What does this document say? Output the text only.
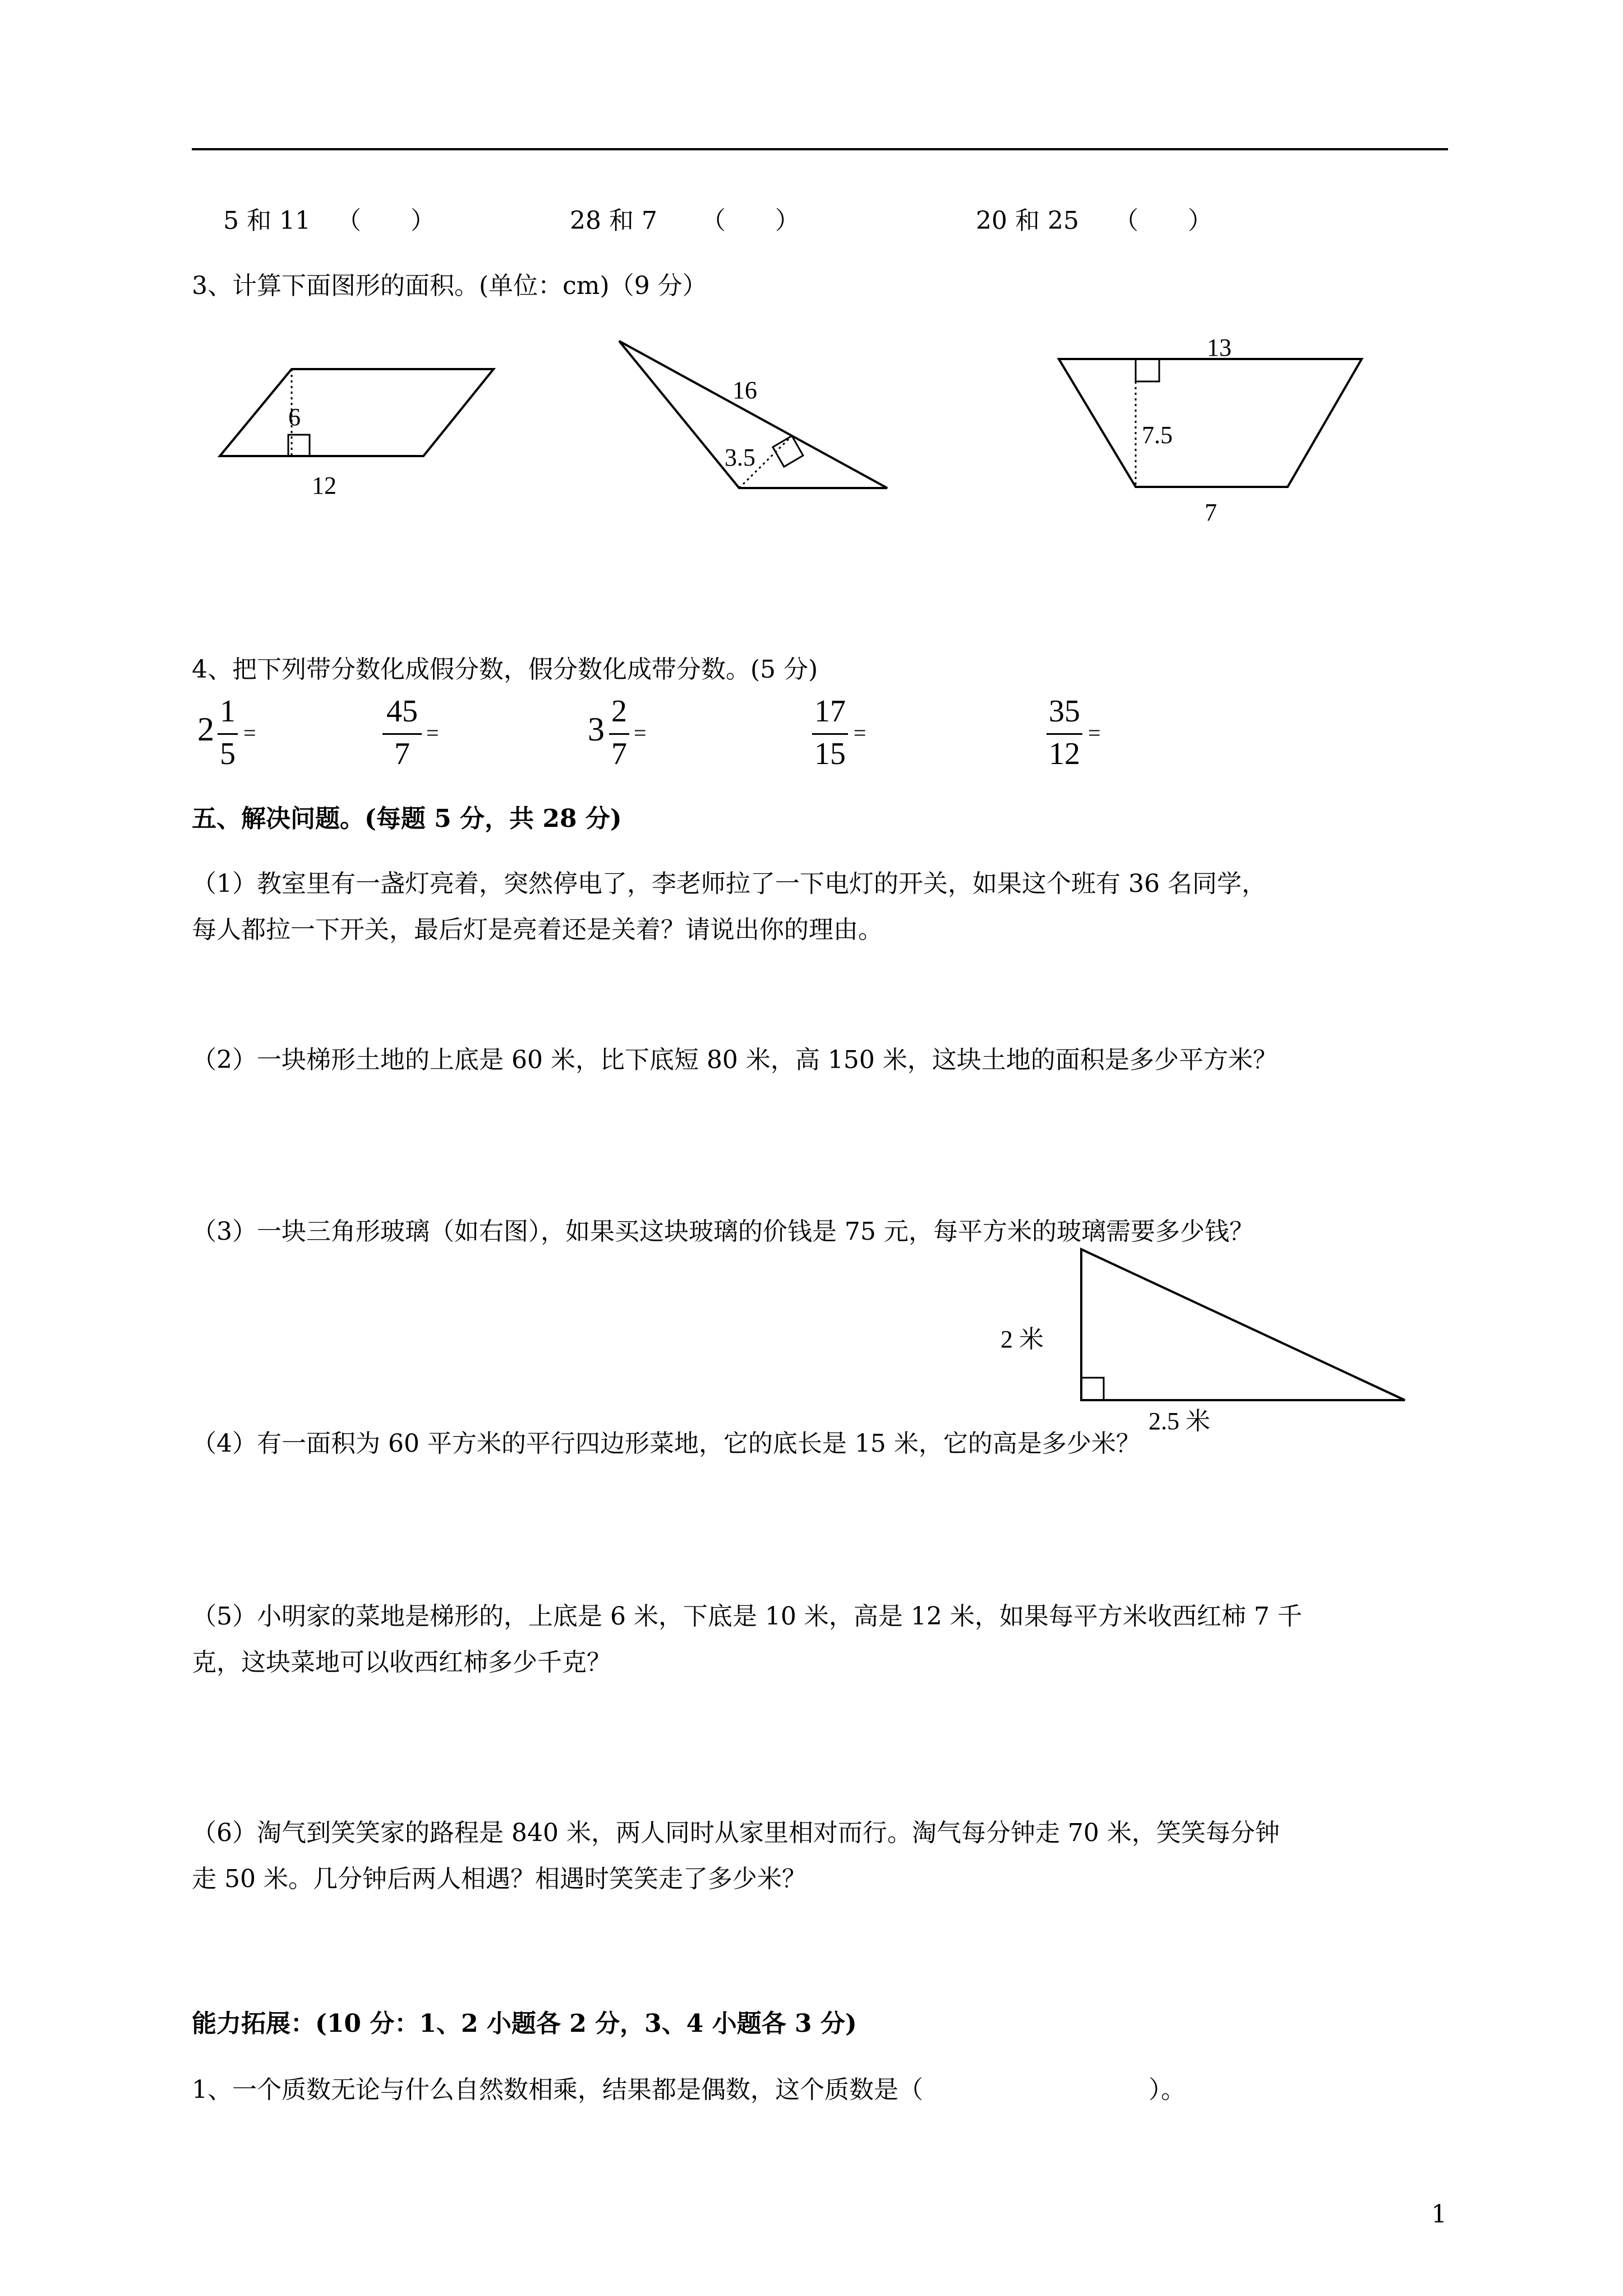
5 和 11 （　　）	28 和 7 （　　）	20 和 25 （　　）
3、计算下面图形的面积。(单位：cm)（9 分）
6
12
16
3.5
13
7.5
7
2 米
2.5 米
4、把下列带分数化成假分数，假分数化成带分数。(5 分)
2 1
5
=
45
7
=	3 2
7
=
17
15
=
35
12
=
五、解决问题。(每题 5 分，共 28 分)
（1）教室里有一盏灯亮着，突然停电了，李老师拉了一下电灯的开关，如果这个班有 36 名同学，
每人都拉一下开关，最后灯是亮着还是关着？请说出你的理由。
（2）一块梯形土地的上底是 60 米，比下底短 80 米，高 150 米，这块土地的面积是多少平方米？
（3）一块三角形玻璃（如右图），如果买这块玻璃的价钱是 75 元，每平方米的玻璃需要多少钱？
（4）有一面积为 60 平方米的平行四边形菜地，它的底长是 15 米，它的高是多少米？
（5）小明家的菜地是梯形的，上底是 6 米，下底是 10 米，高是 12 米，如果每平方米收西红柿 7 千
克，这块菜地可以收西红柿多少千克？
（6）淘气到笑笑家的路程是 840 米，两人同时从家里相对而行。淘气每分钟走 70 米，笑笑每分钟
走 50 米。几分钟后两人相遇？相遇时笑笑走了多少米？
能力拓展：(10 分：1、2 小题各 2 分，3、4 小题各 3 分)
1、一个质数无论与什么自然数相乘，结果都是偶数，这个质数是（	）。
1
